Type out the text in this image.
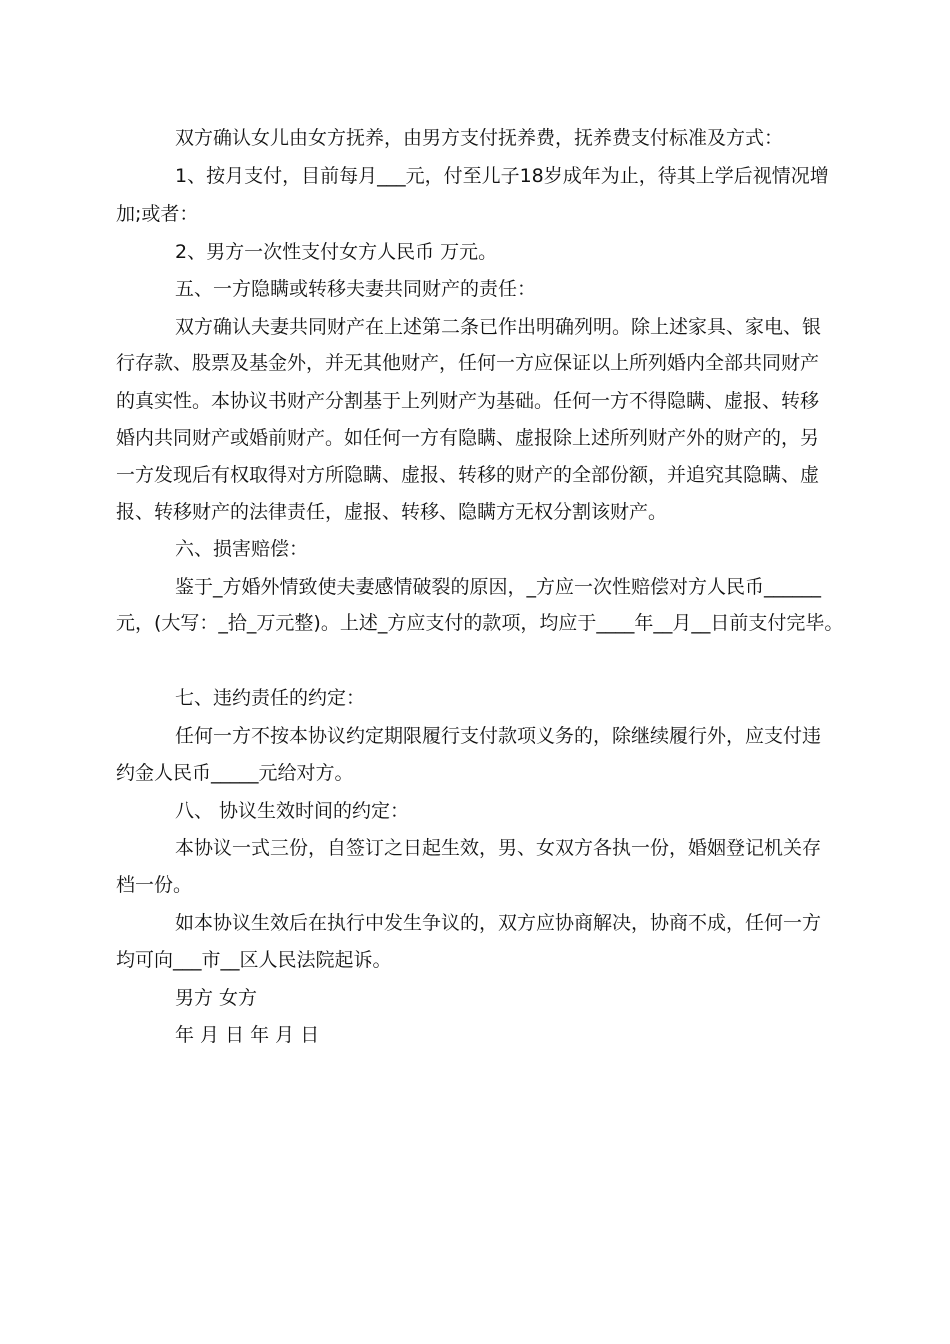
双方确认女儿由女方抚养，由男方支付抚养费，抚养费支付标准及方式：
1、按月支付，目前每月___元，付至儿子18岁成年为止，待其上学后视情况增
加;或者：
2、男方一次性支付女方人民币 万元。
五、一方隐瞒或转移夫妻共同财产的责任：
双方确认夫妻共同财产在上述第二条已作出明确列明。除上述家具、家电、银
行存款、股票及基金外，并无其他财产，任何一方应保证以上所列婚内全部共同财产
的真实性。本协议书财产分割基于上列财产为基础。任何一方不得隐瞒、虚报、转移
婚内共同财产或婚前财产。如任何一方有隐瞒、虚报除上述所列财产外的财产的，另
一方发现后有权取得对方所隐瞒、虚报、转移的财产的全部份额，并追究其隐瞒、虚
报、转移财产的法律责任，虚报、转移、隐瞒方无权分割该财产。
六、损害赔偿：
鉴于_方婚外情致使夫妻感情破裂的原因，_方应一次性赔偿对方人民币______
元，(大写：_拾_万元整)。上述_方应支付的款项，均应于____年__月__日前支付完毕。
七、违约责任的约定：
任何一方不按本协议约定期限履行支付款项义务的，除继续履行外，应支付违
约金人民币_____元给对方。
八、 协议生效时间的约定：
本协议一式三份，自签订之日起生效，男、女双方各执一份，婚姻登记机关存
档一份。
如本协议生效后在执行中发生争议的，双方应协商解决，协商不成，任何一方
均可向___市__区人民法院起诉。
男方 女方
年 月 日 年 月 日
